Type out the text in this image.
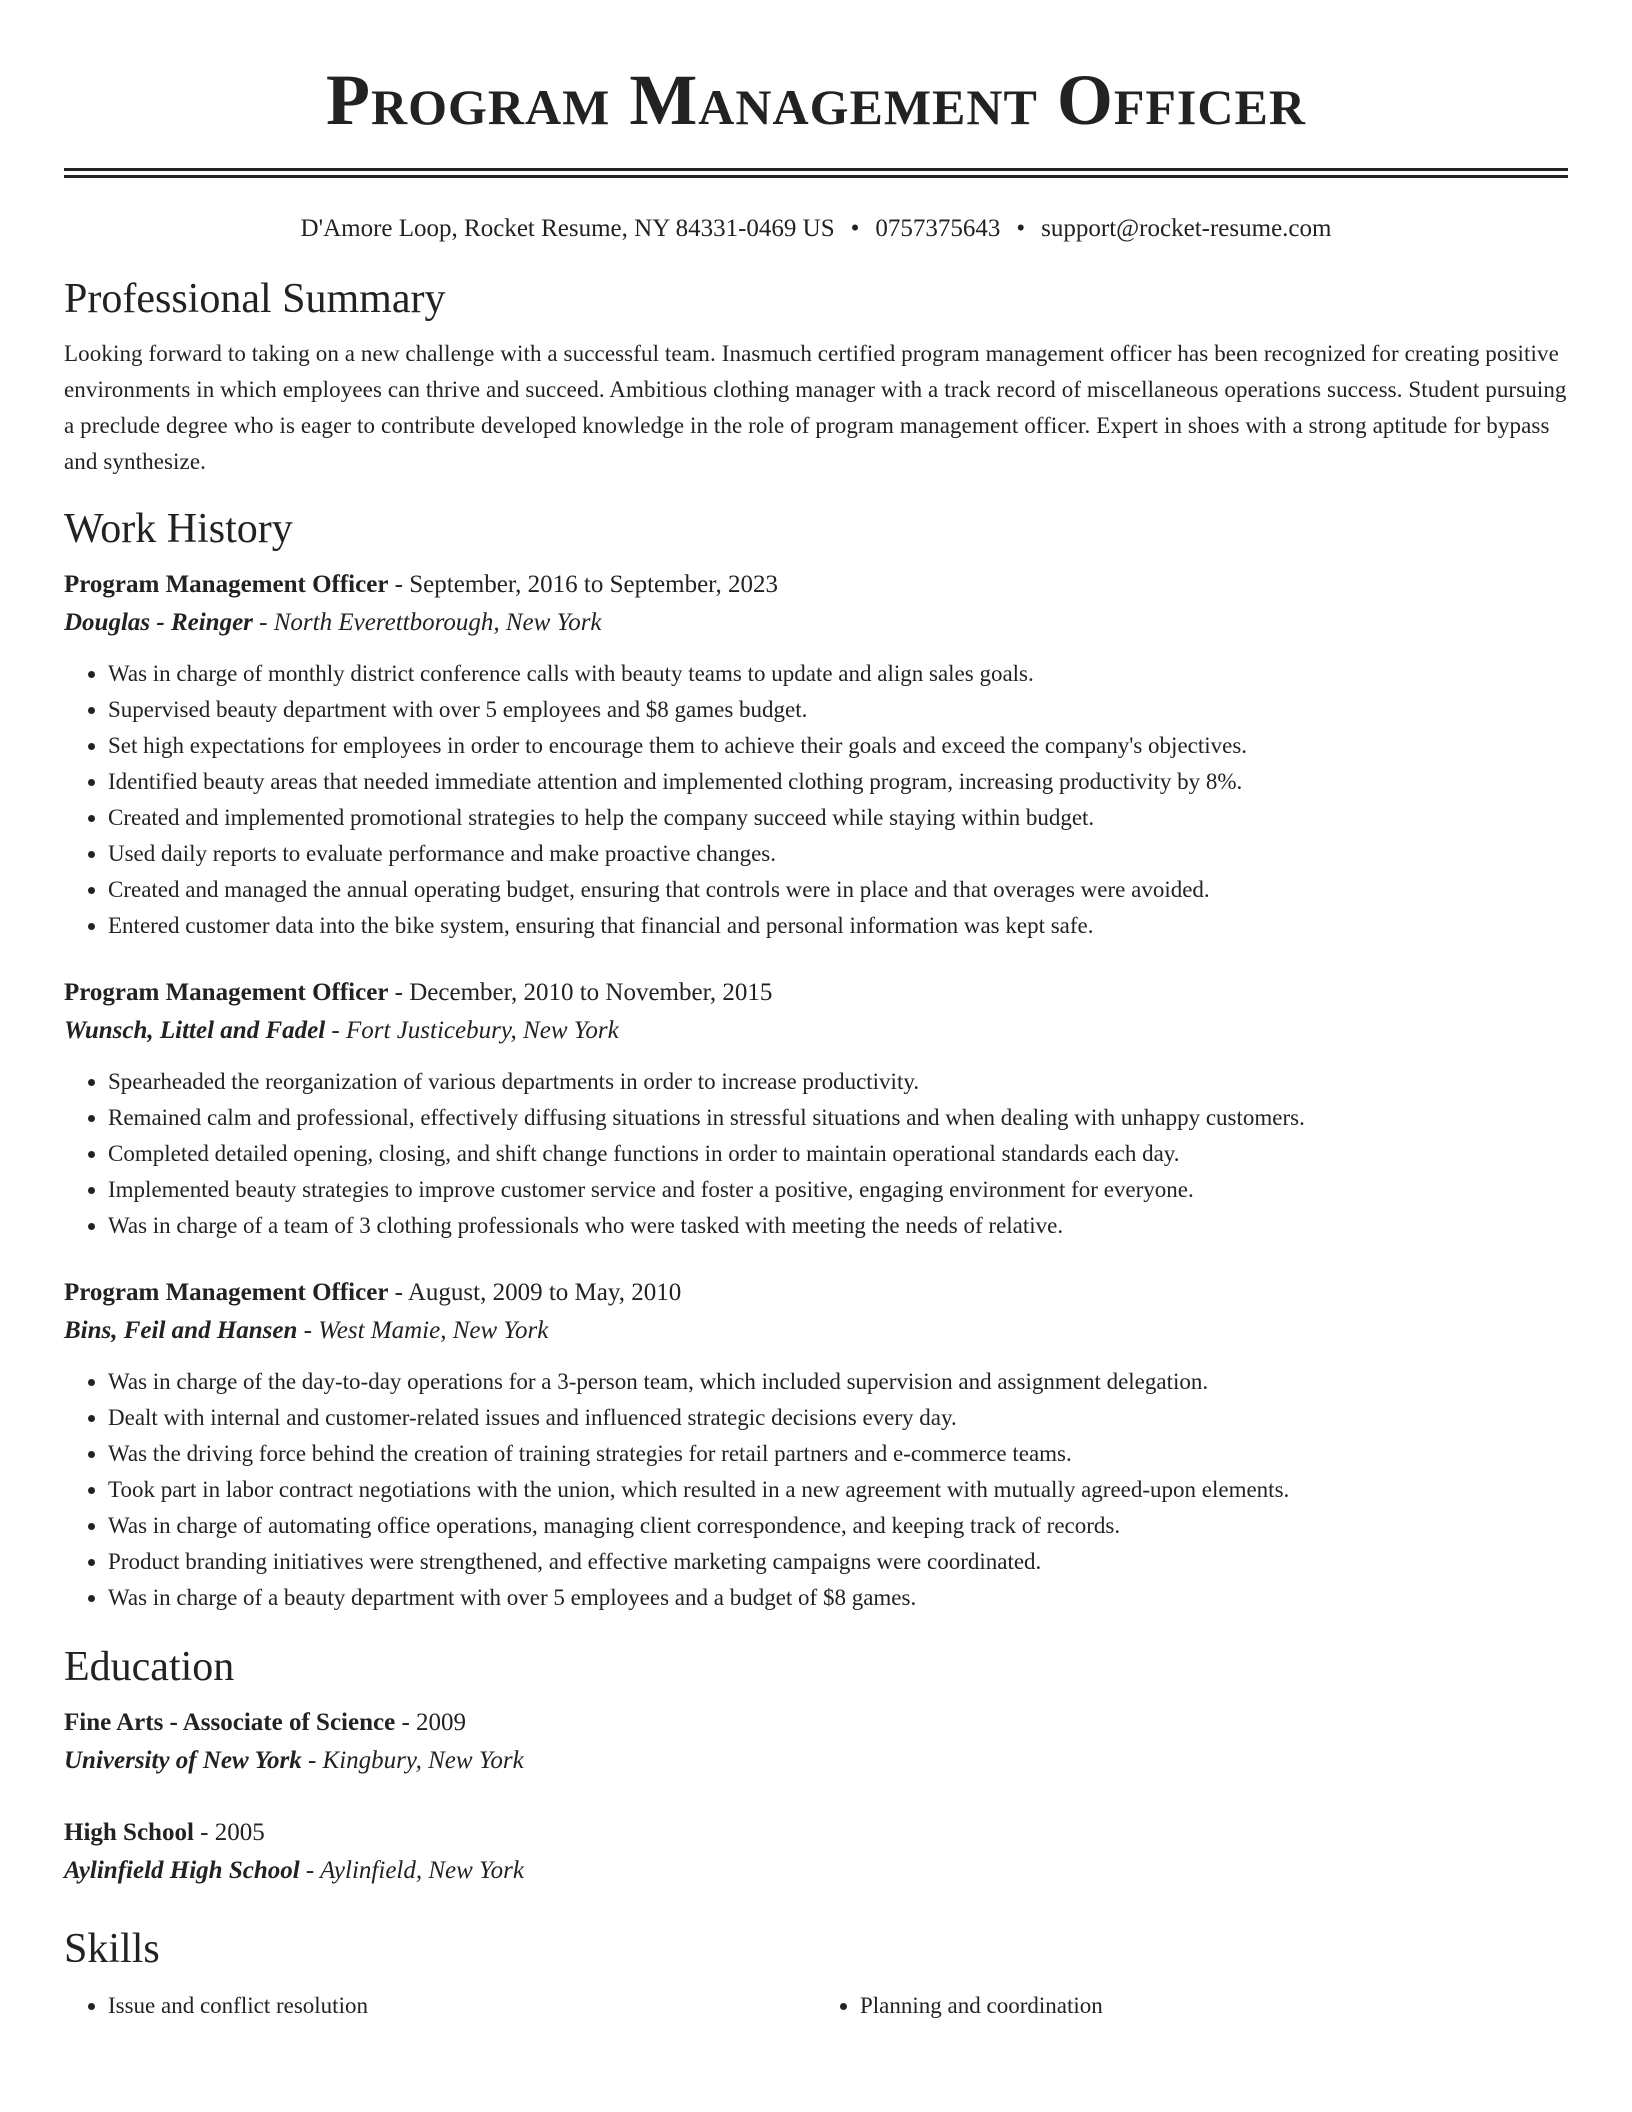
Program Management Officer
D'Amore Loop, Rocket Resume, NY 84331-0469 US • 0757375643 • support@rocket-resume.com
Professional Summary

Looking forward to taking on a new challenge with a successful team. Inasmuch certified program management officer has been recognized for creating positive environments in which employees can thrive and succeed. Ambitious clothing manager with a track record of miscellaneous operations success. Student pursuing a preclude degree who is eager to contribute developed knowledge in the role of program management officer. Expert in shoes with a strong aptitude for bypass and synthesize.

Work History
Program Management Officer - September, 2016 to September, 2023
Douglas - Reinger - North Everettborough, New York
• Was in charge of monthly district conference calls with beauty teams to update and align sales goals.
• Supervised beauty department with over 5 employees and $8 games budget.
• Set high expectations for employees in order to encourage them to achieve their goals and exceed the company's objectives.
• Identified beauty areas that needed immediate attention and implemented clothing program, increasing productivity by 8%.
• Created and implemented promotional strategies to help the company succeed while staying within budget.
• Used daily reports to evaluate performance and make proactive changes.
• Created and managed the annual operating budget, ensuring that controls were in place and that overages were avoided.
• Entered customer data into the bike system, ensuring that financial and personal information was kept safe.
Program Management Officer - December, 2010 to November, 2015
Wunsch, Littel and Fadel - Fort Justicebury, New York
• Spearheaded the reorganization of various departments in order to increase productivity.
• Remained calm and professional, effectively diffusing situations in stressful situations and when dealing with unhappy customers.
• Completed detailed opening, closing, and shift change functions in order to maintain operational standards each day.
• Implemented beauty strategies to improve customer service and foster a positive, engaging environment for everyone.
• Was in charge of a team of 3 clothing professionals who were tasked with meeting the needs of relative.
Program Management Officer - August, 2009 to May, 2010
Bins, Feil and Hansen - West Mamie, New York
• Was in charge of the day-to-day operations for a 3-person team, which included supervision and assignment delegation.
• Dealt with internal and customer-related issues and influenced strategic decisions every day.
• Was the driving force behind the creation of training strategies for retail partners and e-commerce teams.
• Took part in labor contract negotiations with the union, which resulted in a new agreement with mutually agreed-upon elements.
• Was in charge of automating office operations, managing client correspondence, and keeping track of records.
• Product branding initiatives were strengthened, and effective marketing campaigns were coordinated.
• Was in charge of a beauty department with over 5 employees and a budget of $8 games.
Education
Fine Arts - Associate of Science - 2009
University of New York - Kingbury, New York
High School - 2005
Aylinfield High School - Aylinfield, New York
Skills
• Issue and conflict resolution
•	Planning and coordination
